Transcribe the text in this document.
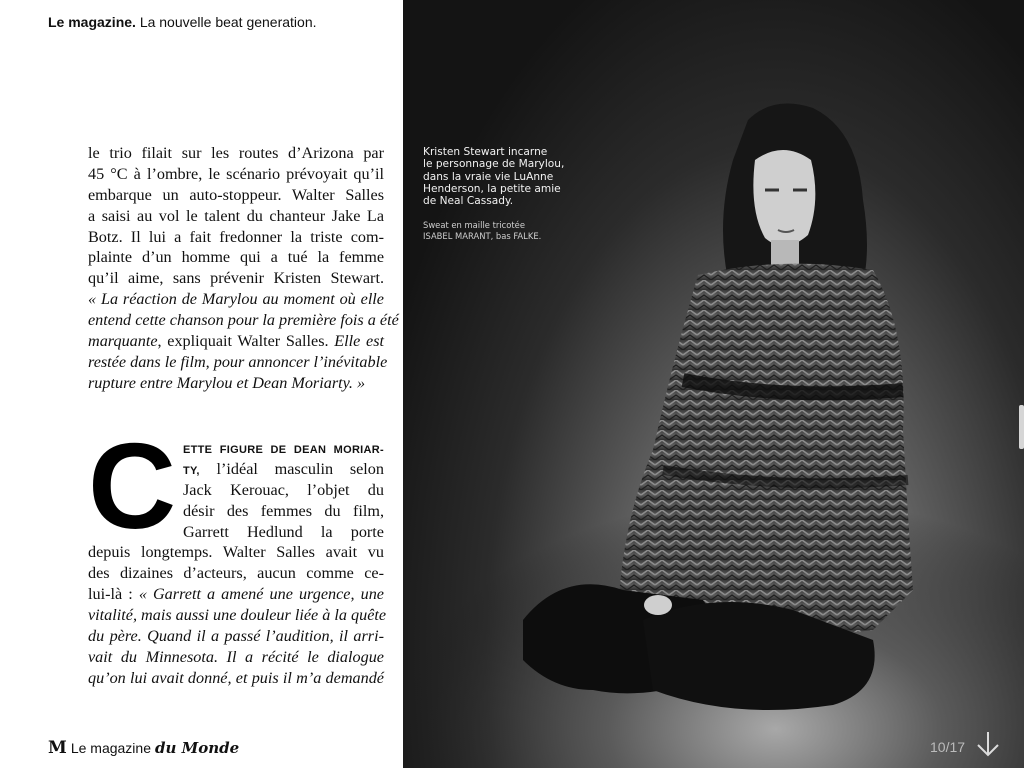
Le magazine. La nouvelle beat generation.
le trio filait sur les routes d’Arizona par
45 °C à l’ombre, le scénario prévoyait qu’il
embarque un auto-stoppeur. Walter Salles
a saisi au vol le talent du chanteur Jake La
Botz. Il lui a fait fredonner la triste com-
plainte d’un homme qui a tué la femme
qu’il aime, sans prévenir Kristen Stewart.
« La réaction de Marylou au moment où elle
entend cette chanson pour la première fois a été
marquante, expliquait Walter Salles. Elle est
restée dans le film, pour annoncer l’inévitable
rupture entre Marylou et Dean Moriarty. »
C ETTE FIGURE DE DEAN MORIAR-
TY, l’idéal masculin selon
Jack Kerouac, l’objet du
désir des femmes du film,
Garrett Hedlund la porte
depuis longtemps. Walter Salles avait vu
des dizaines d’acteurs, aucun comme ce-
lui-là : « Garrett a amené une urgence, une
vitalité, mais aussi une douleur liée à la quête
du père. Quand il a passé l’audition, il arri-
vait du Minnesota. Il a récité le dialogue
qu’on lui avait donné, et puis il m’a demandé
M Le magazine du Monde
Kristen Stewart incarne
le personnage de Marylou,
dans la vraie vie LuAnne
Henderson, la petite amie
de Neal Cassady.
Sweat en maille tricotée
ISABEL MARANT, bas FALKE.
10/17
